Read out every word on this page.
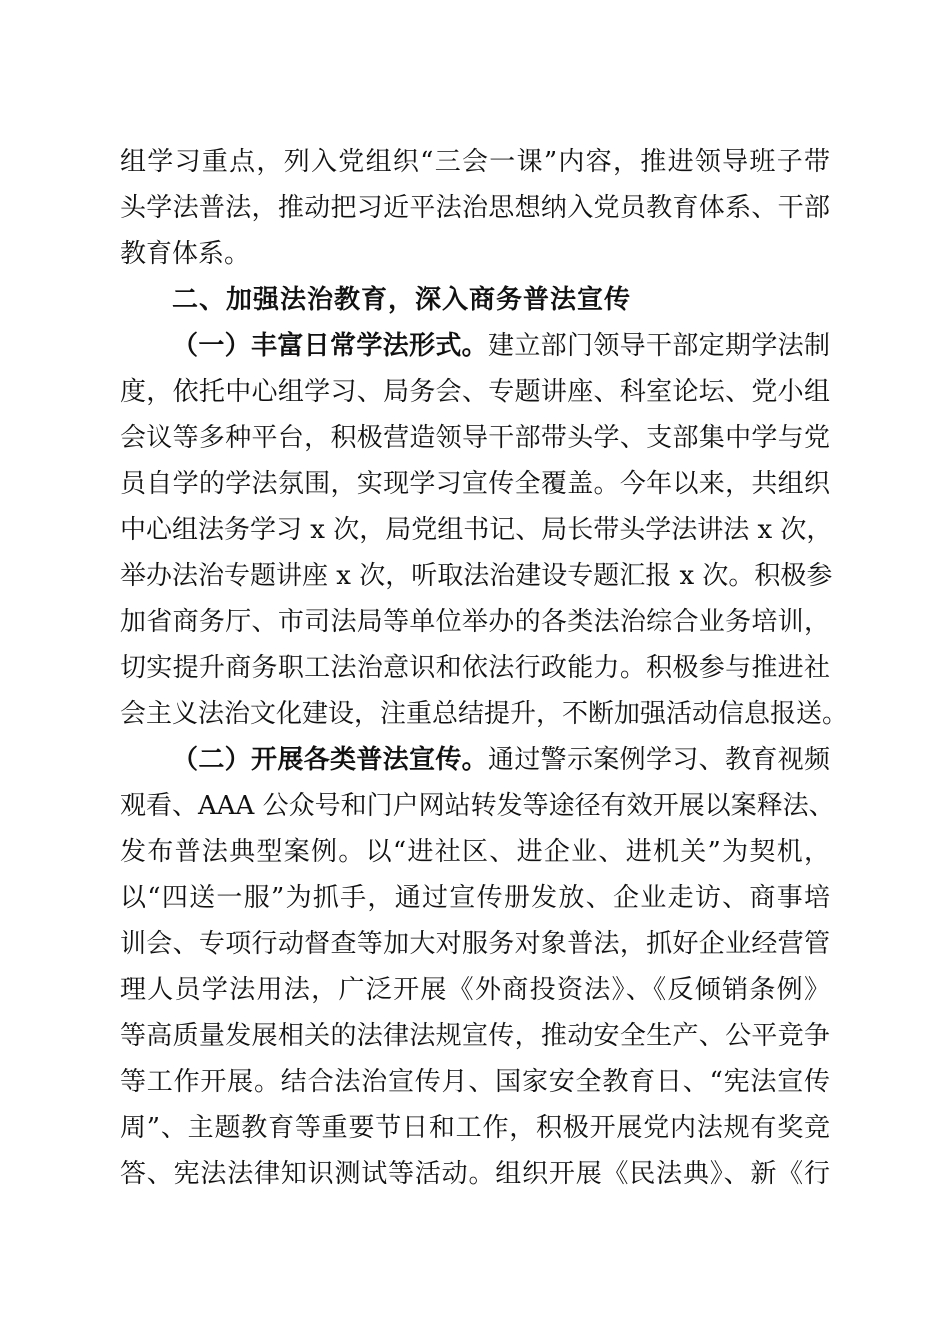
组学习重点，列入党组织“三会一课”内容，推进领导班子带
头学法普法，推动把习近平法治思想纳入党员教育体系、干部
教育体系。
二、加强法治教育，深入商务普法宣传
（一）丰富日常学法形式。建立部门领导干部定期学法制
度，依托中心组学习、局务会、专题讲座、科室论坛、党小组
会议等多种平台，积极营造领导干部带头学、支部集中学与党
员自学的学法氛围，实现学习宣传全覆盖。今年以来，共组织
中心组法务学习 x 次，局党组书记、局长带头学法讲法 x 次，
举办法治专题讲座 x 次，听取法治建设专题汇报 x 次。积极参
加省商务厅、市司法局等单位举办的各类法治综合业务培训，
切实提升商务职工法治意识和依法行政能力。积极参与推进社
会主义法治文化建设，注重总结提升，不断加强活动信息报送。
（二）开展各类普法宣传。通过警示案例学习、教育视频
观看、AAA 公众号和门户网站转发等途径有效开展以案释法、
发布普法典型案例。以“进社区、进企业、进机关”为契机，
以“四送一服”为抓手，通过宣传册发放、企业走访、商事培
训会、专项行动督查等加大对服务对象普法，抓好企业经营管
理人员学法用法，广泛开展《外商投资法》、《反倾销条例》
等高质量发展相关的法律法规宣传，推动安全生产、公平竞争
等工作开展。结合法治宣传月、国家安全教育日、“宪法宣传
周”、主题教育等重要节日和工作，积极开展党内法规有奖竞
答、宪法法律知识测试等活动。组织开展《民法典》、新《行
